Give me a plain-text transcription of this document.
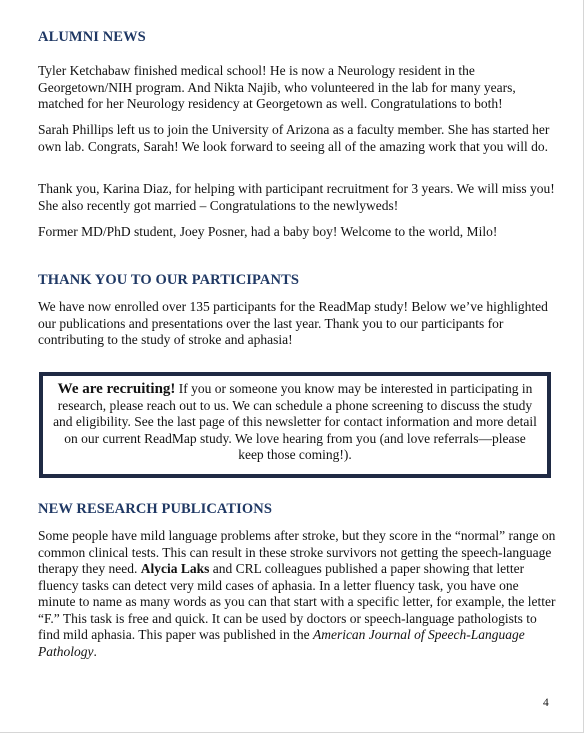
ALUMNI NEWS

Tyler Ketchabaw finished medical school! He is now a Neurology resident in the Georgetown/NIH program. And Nikta Najib, who volunteered in the lab for many years, matched for her Neurology residency at Georgetown as well. Congratulations to both!

Sarah Phillips left us to join the University of Arizona as a faculty member. She has started her own lab. Congrats, Sarah! We look forward to seeing all of the amazing work that you will do.

Thank you, Karina Diaz, for helping with participant recruitment for 3 years. We will miss you! She also recently got married – Congratulations to the newlyweds!

Former MD/PhD student, Joey Posner, had a baby boy! Welcome to the world, Milo!

THANK YOU TO OUR PARTICIPANTS

We have now enrolled over 135 participants for the ReadMap study! Below we’ve highlighted our publications and presentations over the last year. Thank you to our participants for contributing to the study of stroke and aphasia!

We are recruiting! If you or someone you know may be interested in participating in research, please reach out to us. We can schedule a phone screening to discuss the study and eligibility. See the last page of this newsletter for contact information and more detail on our current ReadMap study. We love hearing from you (and love referrals—please keep those coming!).
NEW RESEARCH PUBLICATIONS

Some people have mild language problems after stroke, but they score in the “normal” range on common clinical tests. This can result in these stroke survivors not getting the speech-language therapy they need. Alycia Laks and CRL colleagues published a paper showing that letter fluency tasks can detect very mild cases of aphasia. In a letter fluency task, you have one minute to name as many words as you can that start with a specific letter, for example, the letter “F.” This task is free and quick. It can be used by doctors or speech-language pathologists to find mild aphasia. This paper was published in the American Journal of Speech-Language Pathology.

4
